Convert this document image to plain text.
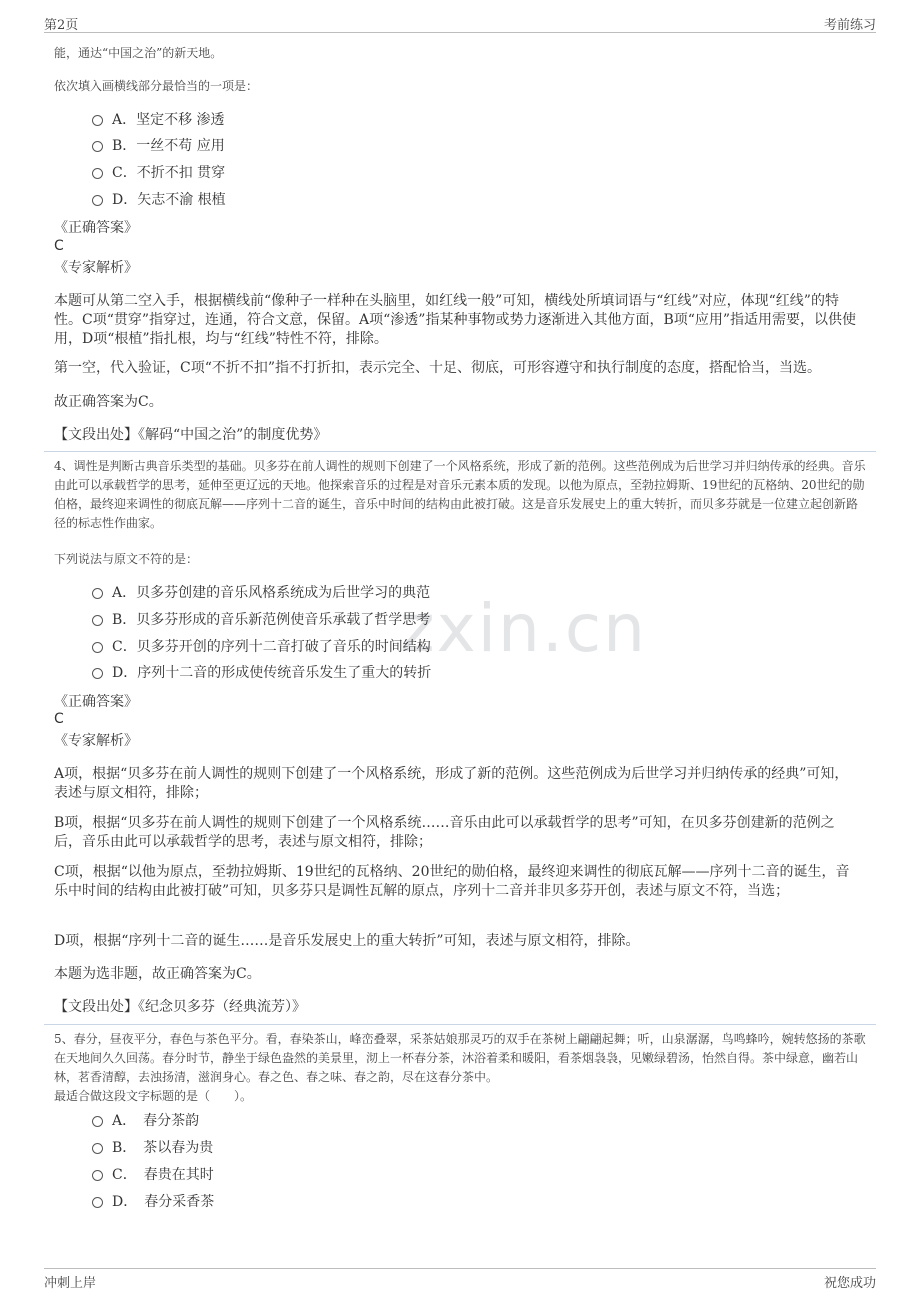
第2页	考前练习
zxin.cn
能，通达“中国之治”的新天地。
依次填入画横线部分最恰当的一项是：
A．坚定不移 渗透
B．一丝不苟 应用
C．不折不扣 贯穿
D．矢志不渝 根植
《正确答案》
C
《专家解析》
本题可从第二空入手，根据横线前“像种子一样种在头脑里，如红线一般”可知，横线处所填词语与“红线”对应，体现“红线”的特性。C项“贯穿”指穿过，连通，符合文意，保留。A项“渗透”指某种事物或势力逐渐进入其他方面，B项“应用”指适用需要，以供使用，D项“根植”指扎根，均与“红线”特性不符，排除。
第一空，代入验证，C项“不折不扣”指不打折扣，表示完全、十足、彻底，可形容遵守和执行制度的态度，搭配恰当，当选。
故正确答案为C。
【文段出处】《解码“中国之治”的制度优势》
4、调性是判断古典音乐类型的基础。贝多芬在前人调性的规则下创建了一个风格系统，形成了新的范例。这些范例成为后世学习并归纳传承的经典。音乐由此可以承载哲学的思考，延伸至更辽远的天地。他探索音乐的过程是对音乐元素本质的发现。以他为原点，至勃拉姆斯、19世纪的瓦格纳、20世纪的勋伯格，最终迎来调性的彻底瓦解——序列十二音的诞生，音乐中时间的结构由此被打破。这是音乐发展史上的重大转折，而贝多芬就是一位建立起创新路径的标志性作曲家。
下列说法与原文不符的是：
A．贝多芬创建的音乐风格系统成为后世学习的典范
B．贝多芬形成的音乐新范例使音乐承载了哲学思考
C．贝多芬开创的序列十二音打破了音乐的时间结构
D．序列十二音的形成使传统音乐发生了重大的转折
《正确答案》
C
《专家解析》
A项，根据“贝多芬在前人调性的规则下创建了一个风格系统，形成了新的范例。这些范例成为后世学习并归纳传承的经典”可知，表述与原文相符，排除；
B项，根据“贝多芬在前人调性的规则下创建了一个风格系统……音乐由此可以承载哲学的思考”可知，在贝多芬创建新的范例之后，音乐由此可以承载哲学的思考，表述与原文相符，排除；
C项，根据“以他为原点，至勃拉姆斯、19世纪的瓦格纳、20世纪的勋伯格，最终迎来调性的彻底瓦解——序列十二音的诞生，音乐中时间的结构由此被打破”可知，贝多芬只是调性瓦解的原点，序列十二音并非贝多芬开创，表述与原文不符，当选；
D项，根据“序列十二音的诞生……是音乐发展史上的重大转折”可知，表述与原文相符，排除。
本题为选非题，故正确答案为C。
【文段出处】《纪念贝多芬（经典流芳）》
5、春分，昼夜平分，春色与茶色平分。看，春染茶山，峰峦叠翠，采茶姑娘那灵巧的双手在茶树上翩翩起舞；听，山泉潺潺，鸟鸣蜂吟，婉转悠扬的茶歌在天地间久久回荡。春分时节，静坐于绿色盎然的美景里，沏上一杯春分茶，沐浴着柔和暖阳，看茶烟袅袅，见嫩绿碧汤，怡然自得。茶中绿意，幽若山林，茗香清醇，去浊扬清，滋润身心。春之色、春之味、春之韵，尽在这春分茶中。
最适合做这段文字标题的是（　　）。
A．　春分茶韵
B．　茶以春为贵
C．　春贵在其时
D．　春分采香茶
冲刺上岸	祝您成功
